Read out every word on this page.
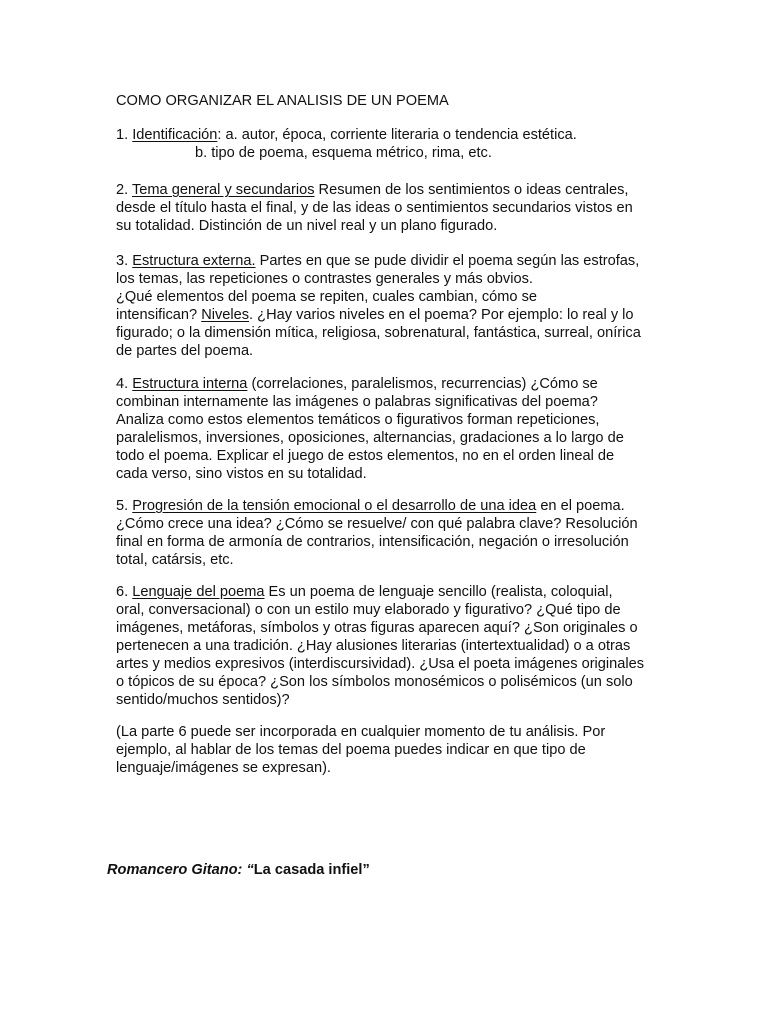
COMO ORGANIZAR EL ANALISIS DE UN POEMA
1. Identificación: a. autor, época, corriente literaria o tendencia estética.
b. tipo de poema, esquema métrico, rima, etc.
2. Tema general y secundarios Resumen de los sentimientos o ideas centrales,
desde el título hasta el final, y de las ideas o sentimientos secundarios vistos en
su totalidad. Distinción de un nivel real y un plano figurado.
3. Estructura externa. Partes en que se pude dividir el poema según las estrofas,
los temas, las repeticiones o contrastes generales y más obvios.
¿Qué elementos del poema se repiten, cuales cambian, cómo se
intensifican? Niveles. ¿Hay varios niveles en el poema? Por ejemplo: lo real y lo
figurado; o la dimensión mítica, religiosa, sobrenatural, fantástica, surreal, onírica
de partes del poema.
4. Estructura interna (correlaciones, paralelismos, recurrencias) ¿Cómo se
combinan internamente las imágenes o palabras significativas del poema?
Analiza como estos elementos temáticos o figurativos forman repeticiones,
paralelismos, inversiones, oposiciones, alternancias, gradaciones a lo largo de
todo el poema. Explicar el juego de estos elementos, no en el orden lineal de
cada verso, sino vistos en su totalidad.
5. Progresión de la tensión emocional o el desarrollo de una idea en el poema.
¿Cómo crece una idea? ¿Cómo se resuelve/ con qué palabra clave? Resolución
final en forma de armonía de contrarios, intensificación, negación o irresolución
total, catársis, etc.
6. Lenguaje del poema Es un poema de lenguaje sencillo (realista, coloquial,
oral, conversacional) o con un estilo muy elaborado y figurativo? ¿Qué tipo de
imágenes, metáforas, símbolos y otras figuras aparecen aquí? ¿Son originales o
pertenecen a una tradición. ¿Hay alusiones literarias (intertextualidad) o a otras
artes y medios expresivos (interdiscursividad). ¿Usa el poeta imágenes originales
o tópicos de su época? ¿Son los símbolos monosémicos o polisémicos (un solo
sentido/muchos sentidos)?
(La parte 6 puede ser incorporada en cualquier momento de tu análisis. Por
ejemplo, al hablar de los temas del poema puedes indicar en que tipo de
lenguaje/imágenes se expresan).
Romancero Gitano: “La casada infiel”
